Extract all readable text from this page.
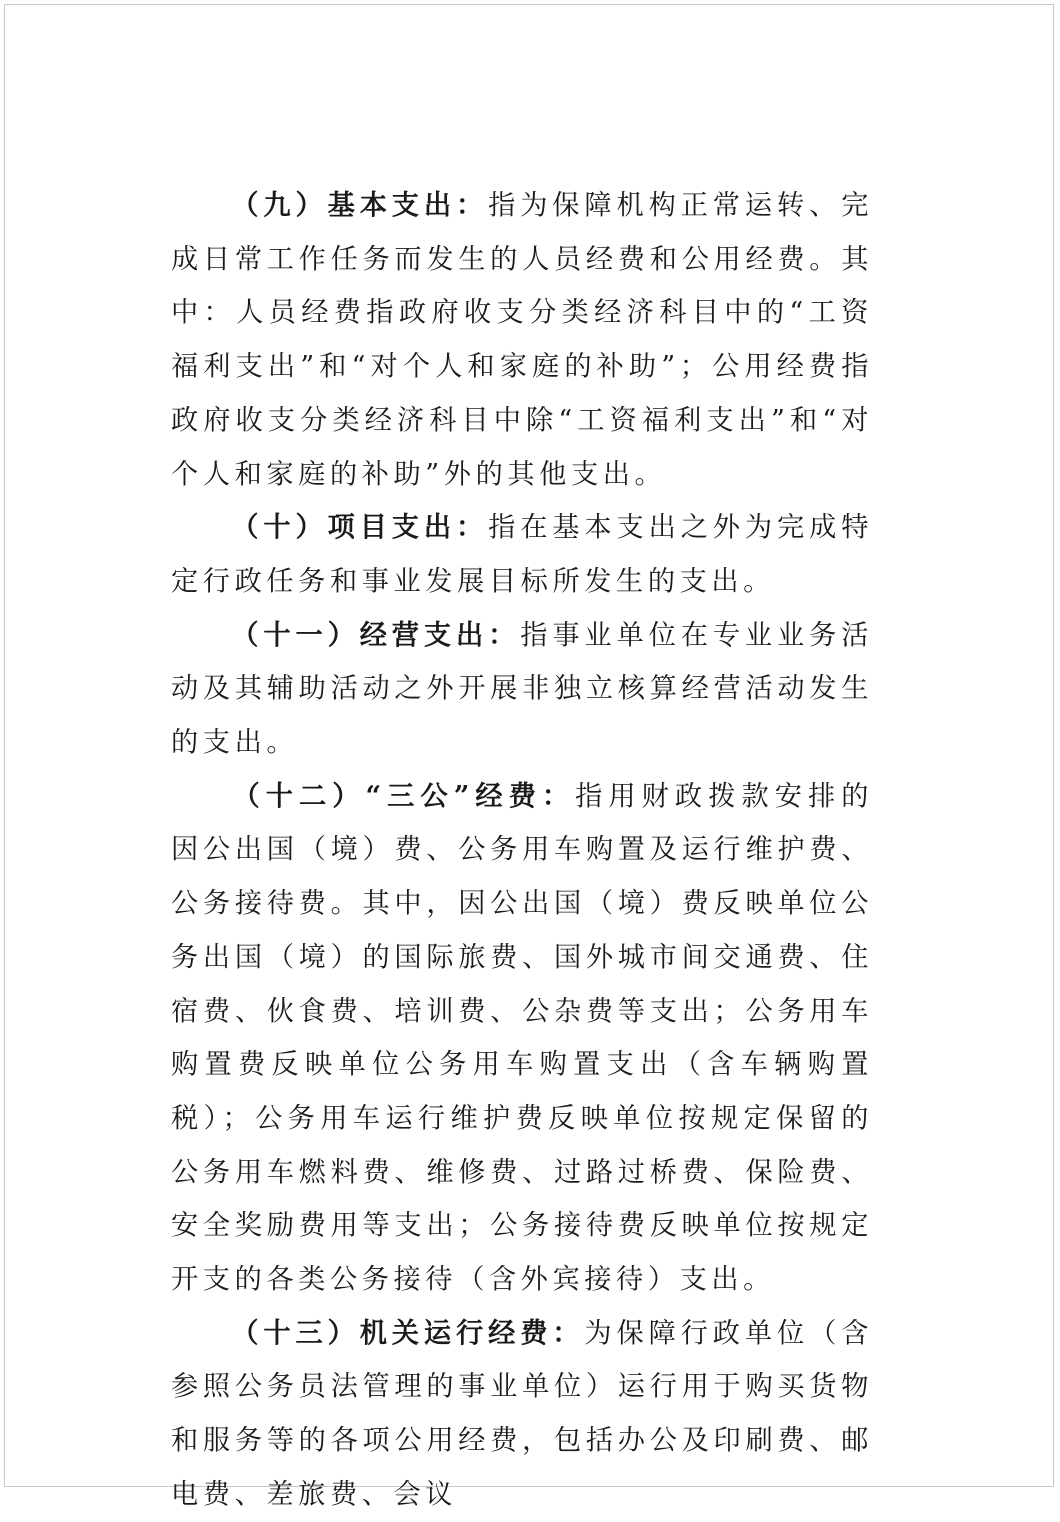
（九）基本支出：指为保障机构正常运转、完成日常工作任务而发生的人员经费和公用经费。其中：人员经费指政府收支分类经济科目中的“工资福利支出”和“对个人和家庭的补助”；公用经费指政府收支分类经济科目中除“工资福利支出”和“对个人和家庭的补助”外的其他支出。

（十）项目支出：指在基本支出之外为完成特定行政任务和事业发展目标所发生的支出。

（十一）经营支出：指事业单位在专业业务活动及其辅助活动之外开展非独立核算经营活动发生的支出。

（十二）“三公”经费：指用财政拨款安排的因公出国（境）费、公务用车购置及运行维护费、公务接待费。其中，因公出国（境）费反映单位公务出国（境）的国际旅费、国外城市间交通费、住宿费、伙食费、培训费、公杂费等支出；公务用车购置费反映单位公务用车购置支出（含车辆购置税）；公务用车运行维护费反映单位按规定保留的公务用车燃料费、维修费、过路过桥费、保险费、安全奖励费用等支出；公务接待费反映单位按规定开支的各类公务接待（含外宾接待）支出。

（十三）机关运行经费：为保障行政单位（含参照公务员法管理的事业单位）运行用于购买货物和服务等的各项公用经费，包括办公及印刷费、邮电费、差旅费、会议
